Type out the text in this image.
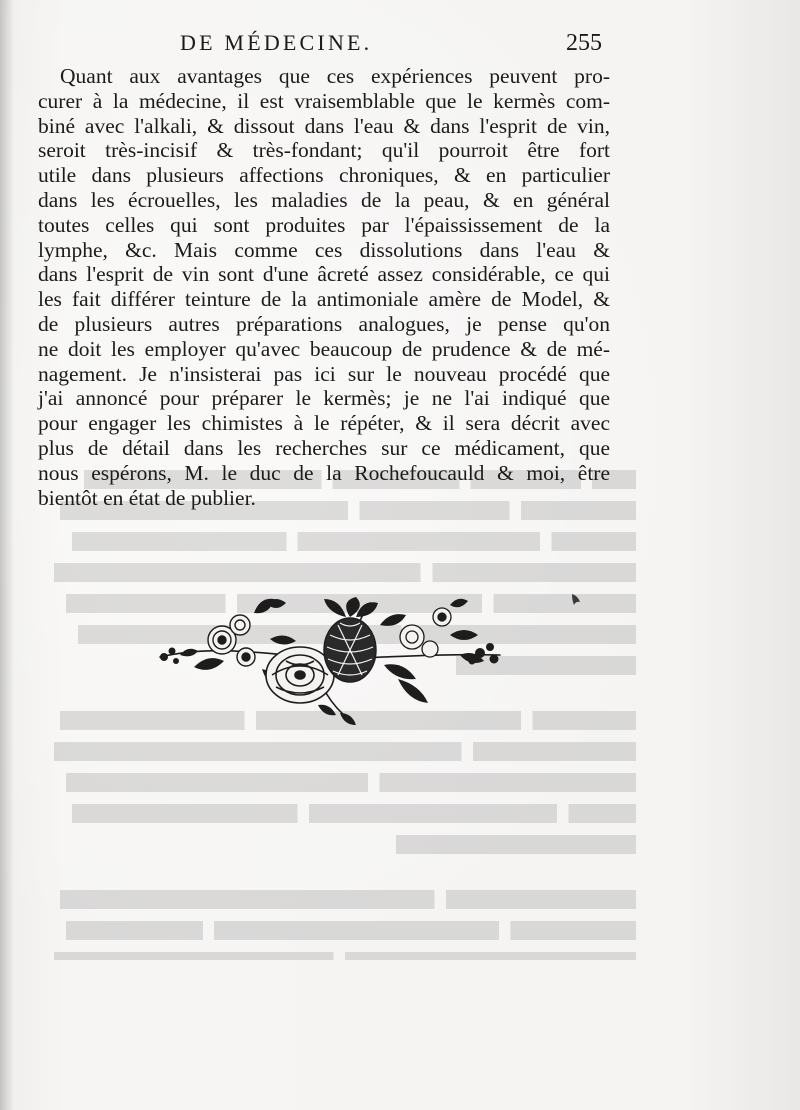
DE MÉDECINE.	255
Quant aux avantages que ces expériences peuvent pro-
curer à la médecine, il est vraisemblable que le kermès com-
biné avec l'alkali, & dissout dans l'eau & dans l'esprit de vin,
seroit très-incisif & très-fondant; qu'il pourroit être fort
utile dans plusieurs affections chroniques, & en particulier
dans les écrouelles, les maladies de la peau, & en général
toutes celles qui sont produites par l'épaississement de la
lymphe, &c. Mais comme ces dissolutions dans l'eau &
dans l'esprit de vin sont d'une âcreté assez considérable, ce qui
les fait différer teinture de la antimoniale amère de Model, &
de plusieurs autres préparations analogues, je pense qu'on
ne doit les employer qu'avec beaucoup de prudence & de mé-
nagement. Je n'insisterai pas ici sur le nouveau procédé que
j'ai annoncé pour préparer le kermès; je ne l'ai indiqué que
pour engager les chimistes à le répéter, & il sera décrit avec
plus de détail dans les recherches sur ce médicament, que
nous espérons, M. le duc de la Rochefoucauld & moi, être
bientôt en état de publier.
